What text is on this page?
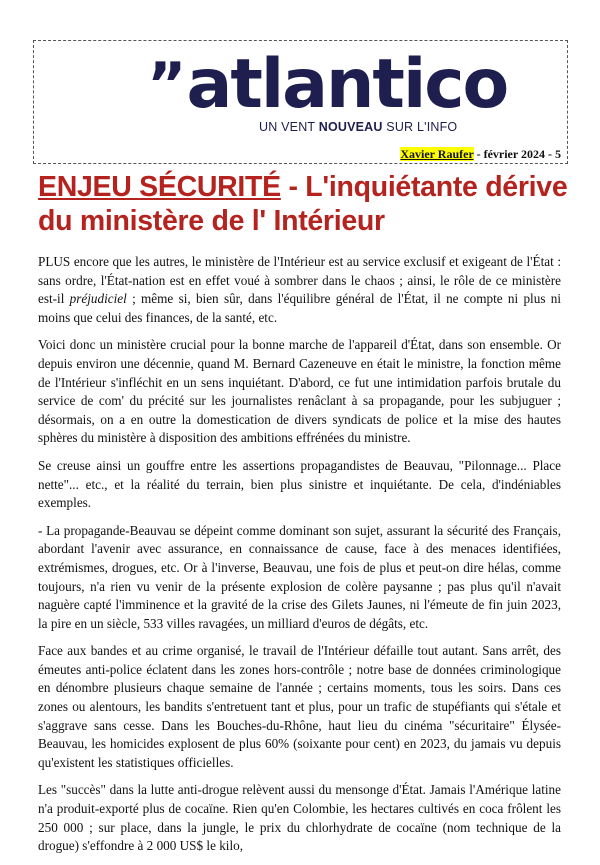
”atlantico
UN VENT NOUVEAU SUR L'INFO
Xavier Raufer - février 2024 - 5
ENJEU SÉCURITÉ - L'inquiétante dérive du ministère de l' Intérieur

PLUS encore que les autres, le ministère de l'Intérieur est au service exclusif et exigeant de l'État : sans ordre, l'État-nation est en effet voué à sombrer dans le chaos ; ainsi, le rôle de ce ministère est-il préjudiciel ; même si, bien sûr, dans l'équilibre général de l'État, il ne compte ni plus ni moins que celui des finances, de la santé, etc.

Voici donc un ministère crucial pour la bonne marche de l'appareil d'État, dans son ensemble. Or depuis environ une décennie, quand M. Bernard Cazeneuve en était le ministre, la fonction même de l'Intérieur s'infléchit en un sens inquiétant. D'abord, ce fut une intimidation parfois brutale du service de com' du précité sur les journalistes renâclant à sa propagande, pour les subjuguer ; désormais, on a en outre la domestication de divers syndicats de police et la mise des hautes sphères du ministère à disposition des ambitions effrénées du ministre.

Se creuse ainsi un gouffre entre les assertions propagandistes de Beauvau, "Pilonnage... Place nette"... etc., et la réalité du terrain, bien plus sinistre et inquiétante. De cela, d'indéniables exemples.

- La propagande-Beauvau se dépeint comme dominant son sujet, assurant la sécurité des Français, abordant l'avenir avec assurance, en connaissance de cause, face à des menaces identifiées, extrémismes, drogues, etc. Or à l'inverse, Beauvau, une fois de plus et peut-on dire hélas, comme toujours, n'a rien vu venir de la présente explosion de colère paysanne ; pas plus qu'il n'avait naguère capté l'imminence et la gravité de la crise des Gilets Jaunes, ni l'émeute de fin juin 2023, la pire en un siècle, 533 villes ravagées, un milliard d'euros de dégâts, etc.

Face aux bandes et au crime organisé, le travail de l'Intérieur défaille tout autant. Sans arrêt, des émeutes anti-police éclatent dans les zones hors-contrôle ; notre base de données criminologique en dénombre plusieurs chaque semaine de l'année ; certains moments, tous les soirs. Dans ces zones ou alentours, les bandits s'entretuent tant et plus, pour un trafic de stupéfiants qui s'étale et s'aggrave sans cesse. Dans les Bouches-du-Rhône, haut lieu du cinéma "sécuritaire" Élysée-Beauvau, les homicides explosent de plus 60% (soixante pour cent) en 2023, du jamais vu depuis qu'existent les statistiques officielles.

Les "succès" dans la lutte anti-drogue relèvent aussi du mensonge d'État. Jamais l'Amérique latine n'a produit-exporté plus de cocaïne. Rien qu'en Colombie, les hectares cultivés en coca frôlent les 250 000 ; sur place, dans la jungle, le prix du chlorhydrate de cocaïne (nom technique de la drogue) s'effondre à 2 000 US$ le kilo,
